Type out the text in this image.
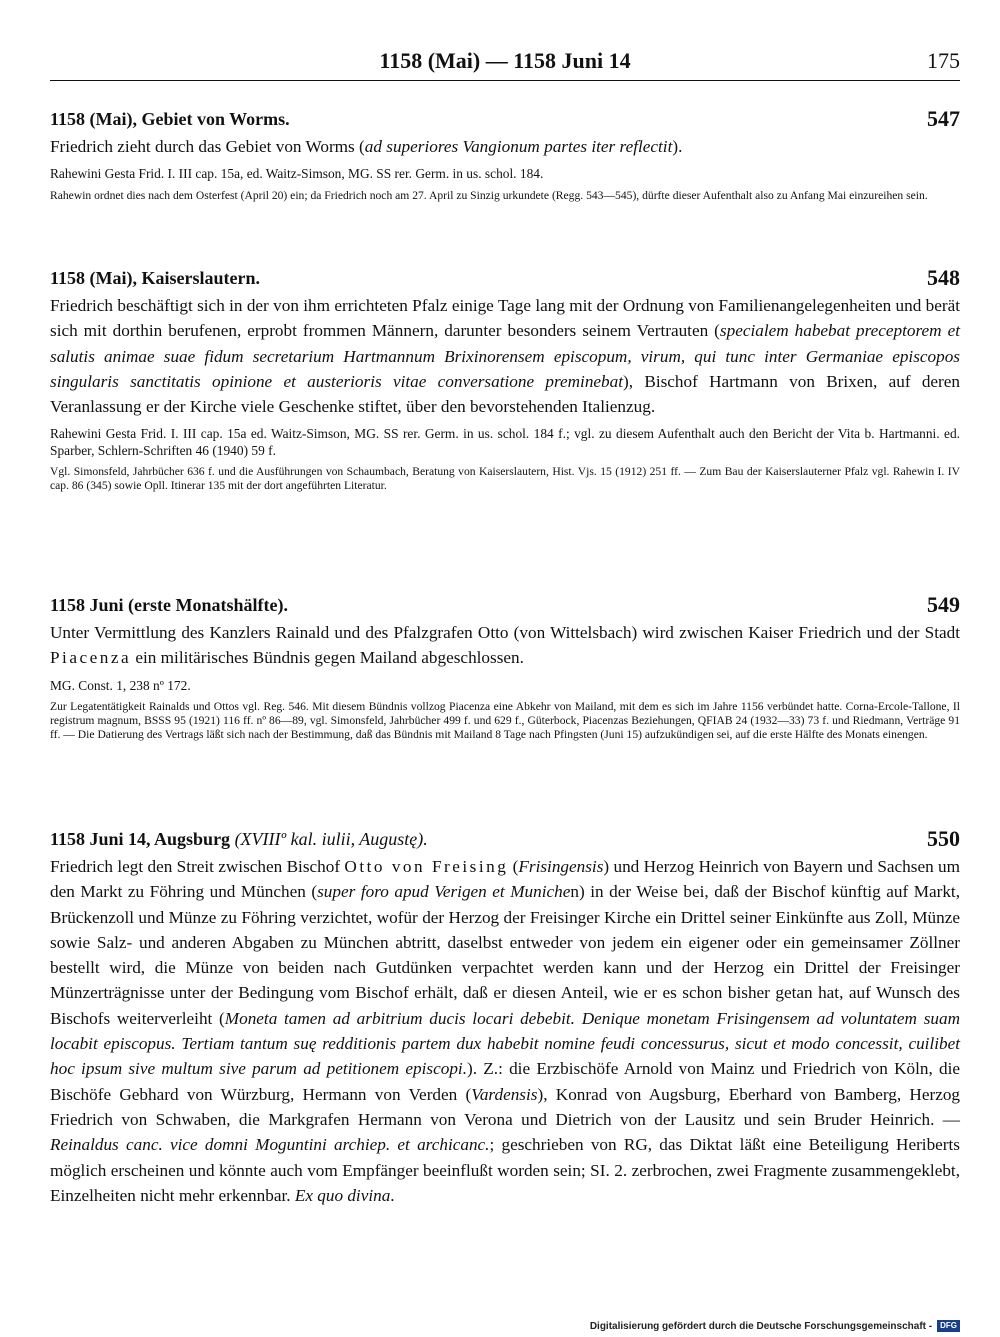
1158 (Mai) — 1158 Juni 14	175
1158 (Mai), Gebiet von Worms.	547

Friedrich zieht durch das Gebiet von Worms (ad superiores Vangionum partes iter reflectit).

Rahewini Gesta Frid. I. III cap. 15a, ed. Waitz-Simson, MG. SS rer. Germ. in us. schol. 184.

Rahewin ordnet dies nach dem Osterfest (April 20) ein; da Friedrich noch am 27. April zu Sinzig urkundete (Regg. 543—545), dürfte dieser Aufenthalt also zu Anfang Mai einzureihen sein.

1158 (Mai), Kaiserslautern.	548

Friedrich beschäftigt sich in der von ihm errichteten Pfalz einige Tage lang mit der Ordnung von Familienangelegenheiten und berät sich mit dorthin berufenen, erprobt frommen Männern, darunter besonders seinem Vertrauten (specialem habebat preceptorem et salutis animae suae fidum secretarium Hartmannum Brixinorensem episcopum, virum, qui tunc inter Germaniae episcopos singularis sanctitatis opinione et austerioris vitae conversatione preminebat), Bischof Hartmann von Brixen, auf deren Veranlassung er der Kirche viele Geschenke stiftet, über den bevorstehenden Italienzug.

Rahewini Gesta Frid. I. III cap. 15a ed. Waitz-Simson, MG. SS rer. Germ. in us. schol. 184 f.; vgl. zu diesem Aufenthalt auch den Bericht der Vita b. Hartmanni. ed. Sparber, Schlern-Schriften 46 (1940) 59 f.

Vgl. Simonsfeld, Jahrbücher 636 f. und die Ausführungen von Schaumbach, Beratung von Kaiserslautern, Hist. Vjs. 15 (1912) 251 ff. — Zum Bau der Kaiserslauterner Pfalz vgl. Rahewin I. IV cap. 86 (345) sowie Opll. Itinerar 135 mit der dort angeführten Literatur.

1158 Juni (erste Monatshälfte).	549

Unter Vermittlung des Kanzlers Rainald und des Pfalzgrafen Otto (von Wittelsbach) wird zwischen Kaiser Friedrich und der Stadt Piacenza ein militärisches Bündnis gegen Mailand abgeschlossen.

MG. Const. 1, 238 nº 172.

Zur Legatentätigkeit Rainalds und Ottos vgl. Reg. 546. Mit diesem Bündnis vollzog Piacenza eine Abkehr von Mailand, mit dem es sich im Jahre 1156 verbündet hatte. Corna-Ercole-Tallone, Il registrum magnum, BSSS 95 (1921) 116 ff. nº 86—89, vgl. Simonsfeld, Jahrbücher 499 f. und 629 f., Güterbock, Piacenzas Beziehungen, QFIAB 24 (1932—33) 73 f. und Riedmann, Verträge 91 ff. — Die Datierung des Vertrags läßt sich nach der Bestimmung, daß das Bündnis mit Mailand 8 Tage nach Pfingsten (Juni 15) aufzukündigen sei, auf die erste Hälfte des Monats einengen.

1158 Juni 14, Augsburg (XVIIIº kal. iulii, Augustę).	550

Friedrich legt den Streit zwischen Bischof Otto von Freising (Frisingensis) und Herzog Heinrich von Bayern und Sachsen um den Markt zu Föhring und München (super foro apud Verigen et Munichen) in der Weise bei, daß der Bischof künftig auf Markt, Brückenzoll und Münze zu Föhring verzichtet, wofür der Herzog der Freisinger Kirche ein Drittel seiner Einkünfte aus Zoll, Münze sowie Salz- und anderen Abgaben zu München abtritt, daselbst entweder von jedem ein eigener oder ein gemeinsamer Zöllner bestellt wird, die Münze von beiden nach Gutdünken verpachtet werden kann und der Herzog ein Drittel der Freisinger Münzerträgnisse unter der Bedingung vom Bischof erhält, daß er diesen Anteil, wie er es schon bisher getan hat, auf Wunsch des Bischofs weiterverleiht (Moneta tamen ad arbitrium ducis locari debebit. Denique monetam Frisingensem ad voluntatem suam locabit episcopus. Tertiam tantum suę redditionis partem dux habebit nomine feudi concessurus, sicut et modo concessit, cuilibet hoc ipsum sive multum sive parum ad petitionem episcopi.). Z.: die Erzbischöfe Arnold von Mainz und Friedrich von Köln, die Bischöfe Gebhard von Würzburg, Hermann von Verden (Vardensis), Konrad von Augsburg, Eberhard von Bamberg, Herzog Friedrich von Schwaben, die Markgrafen Hermann von Verona und Dietrich von der Lausitz und sein Bruder Heinrich. — Reinaldus canc. vice domni Moguntini archiep. et archicanc.; geschrieben von RG, das Diktat läßt eine Beteiligung Heriberts möglich erscheinen und könnte auch vom Empfänger beeinflußt worden sein; SI. 2. zerbrochen, zwei Fragmente zusammengeklebt, Einzelheiten nicht mehr erkennbar. Ex quo divina.

Digitalisierung gefördert durch die Deutsche Forschungsgemeinschaft -	DFG
